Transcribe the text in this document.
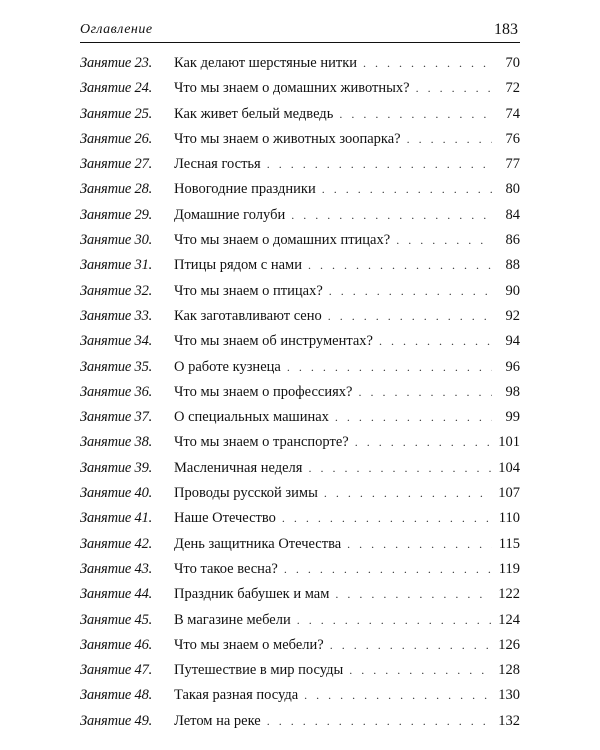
Оглавление	183
Занятие 23.	Как делают шерстяные нитки . . .	70
Занятие 24.	Что мы знаем о домашних животных? . . .	72
Занятие 25.	Как живет белый медведь . . .	74
Занятие 26.	Что мы знаем о животных зоопарка? . . .	76
Занятие 27.	Лесная гостья . . .	77
Занятие 28.	Новогодние праздники . . .	80
Занятие 29.	Домашние голуби . . .	84
Занятие 30.	Что мы знаем о домашних птицах? . . .	86
Занятие 31.	Птицы рядом с нами . . .	88
Занятие 32.	Что мы знаем о птицах? . . .	90
Занятие 33.	Как заготавливают сено . . .	92
Занятие 34.	Что мы знаем об инструментах? . . .	94
Занятие 35.	О работе кузнеца . . .	96
Занятие 36.	Что мы знаем о профессиях? . . .	98
Занятие 37.	О специальных машинах . . .	99
Занятие 38.	Что мы знаем о транспорте? . . .	101
Занятие 39.	Масленичная неделя . . .	104
Занятие 40.	Проводы русской зимы . . .	107
Занятие 41.	Наше Отечество . . .	110
Занятие 42.	День защитника Отечества . . .	115
Занятие 43.	Что такое весна? . . .	119
Занятие 44.	Праздник бабушек и мам . . .	122
Занятие 45.	В магазине мебели . . .	124
Занятие 46.	Что мы знаем о мебели? . . .	126
Занятие 47.	Путешествие в мир посуды . . .	128
Занятие 48.	Такая разная посуда . . .	130
Занятие 49.	Летом на реке . . .	132
